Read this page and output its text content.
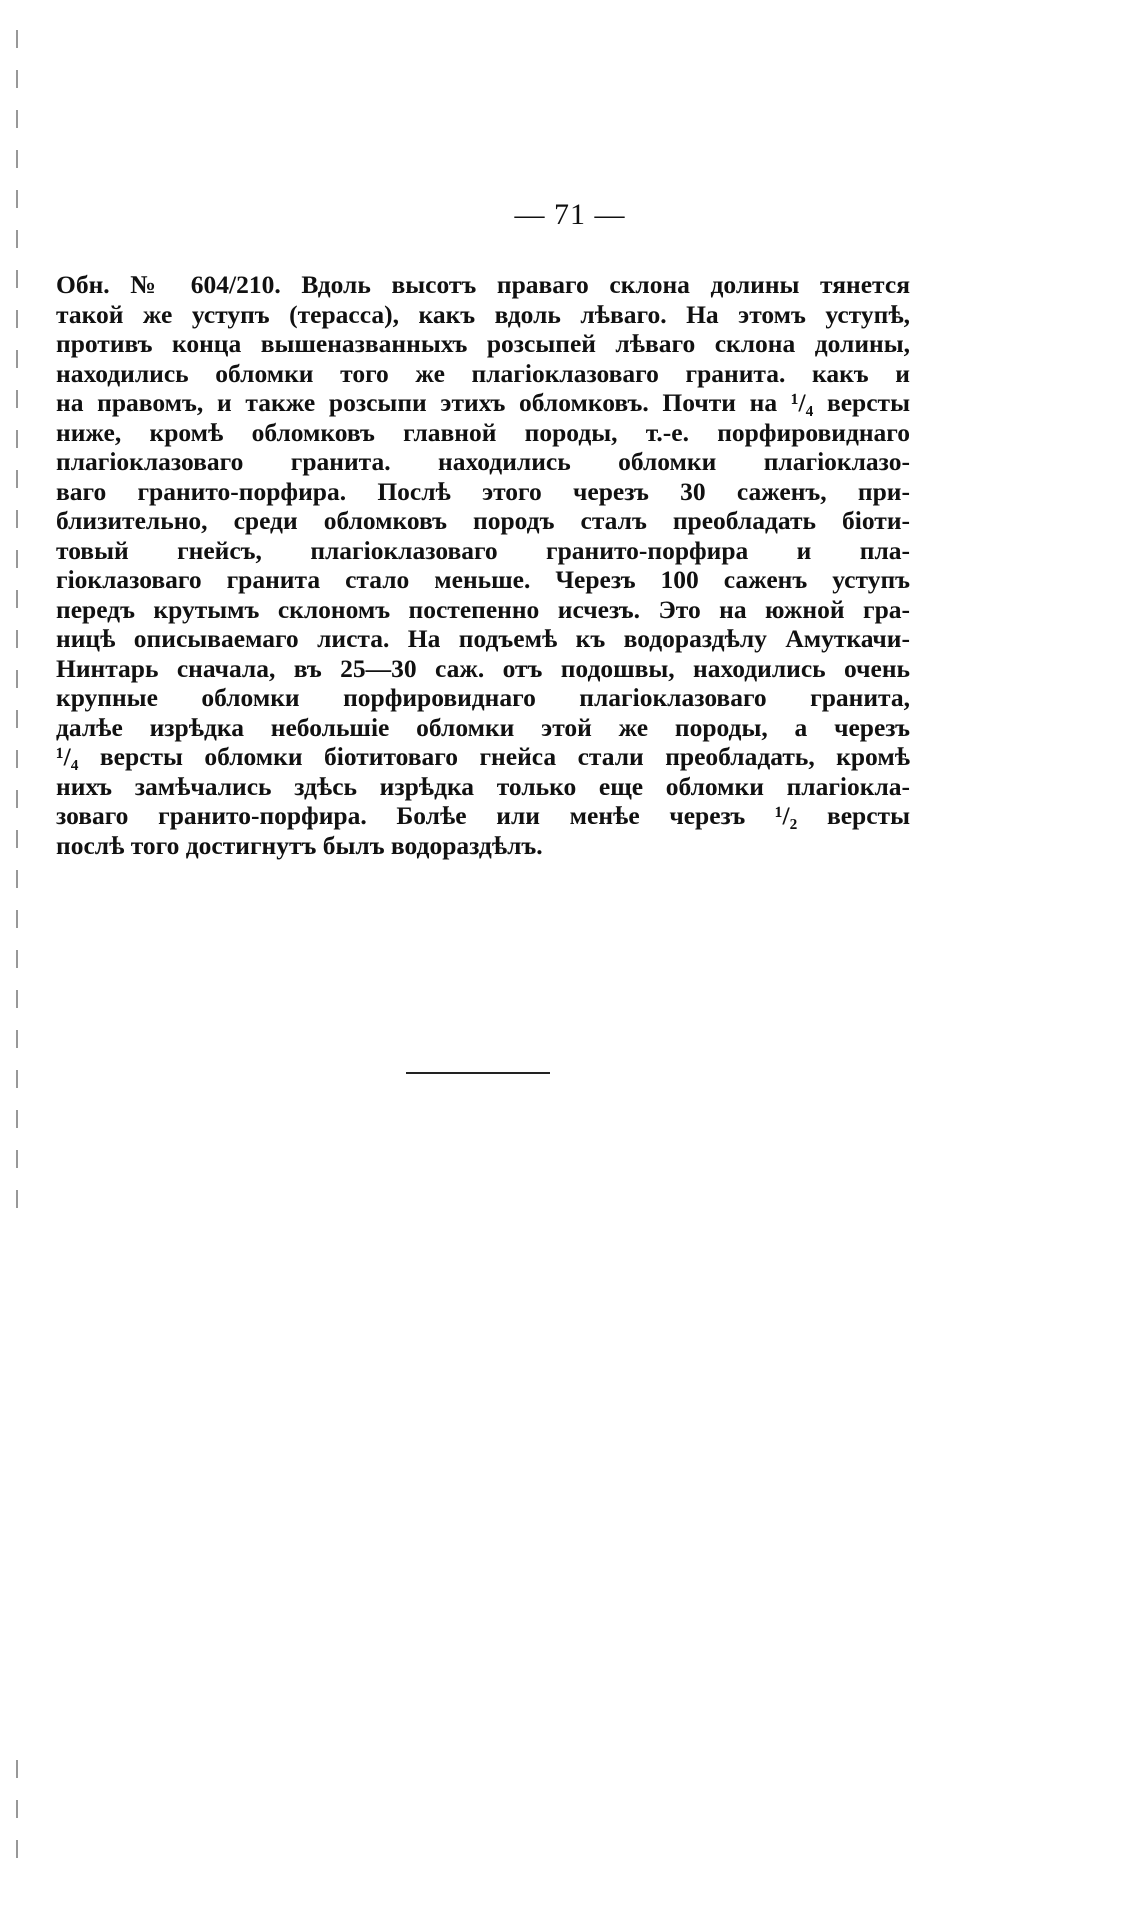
— 71 —
Обн. № 604/210. Вдоль высотъ праваго склона долины тянется
такой же уступъ (терасса), какъ вдоль лѣваго. На этомъ уступѣ,
противъ конца вышеназванныхъ розсыпей лѣваго склона долины,
находились обломки того же плагіоклазоваго гранита. какъ и
на правомъ, и также розсыпи этихъ обломковъ. Почти на ¹/₄ версты
ниже, кромѣ обломковъ главной породы, т.-е. порфировиднаго
плагіоклазоваго гранита. находились обломки плагіоклазо-
ваго гранито-порфира. Послѣ этого черезъ 30 саженъ, при-
близительно, среди обломковъ породъ сталъ преобладать біоти-
товый гнейсъ, плагіоклазоваго гранито-порфира и пла-
гіоклазоваго гранита стало меньше. Черезъ 100 саженъ уступъ
передъ крутымъ склономъ постепенно исчезъ. Это на южной гра-
ницѣ описываемаго листа. На подъемѣ къ водораздѣлу Амуткачи-
Нинтарь сначала, въ 25—30 саж. отъ подошвы, находились очень
крупные обломки порфировиднаго плагіоклазоваго гранита,
далѣе изрѣдка небольшіе обломки этой же породы, а черезъ
¹/₄ версты обломки біотитоваго гнейса стали преобладать, кромѣ
нихъ замѣчались здѣсь изрѣдка только еще обломки плагіокла-
зоваго гранито-порфира. Болѣе или менѣе черезъ ¹/₂ версты
послѣ того достигнутъ былъ водораздѣлъ.
